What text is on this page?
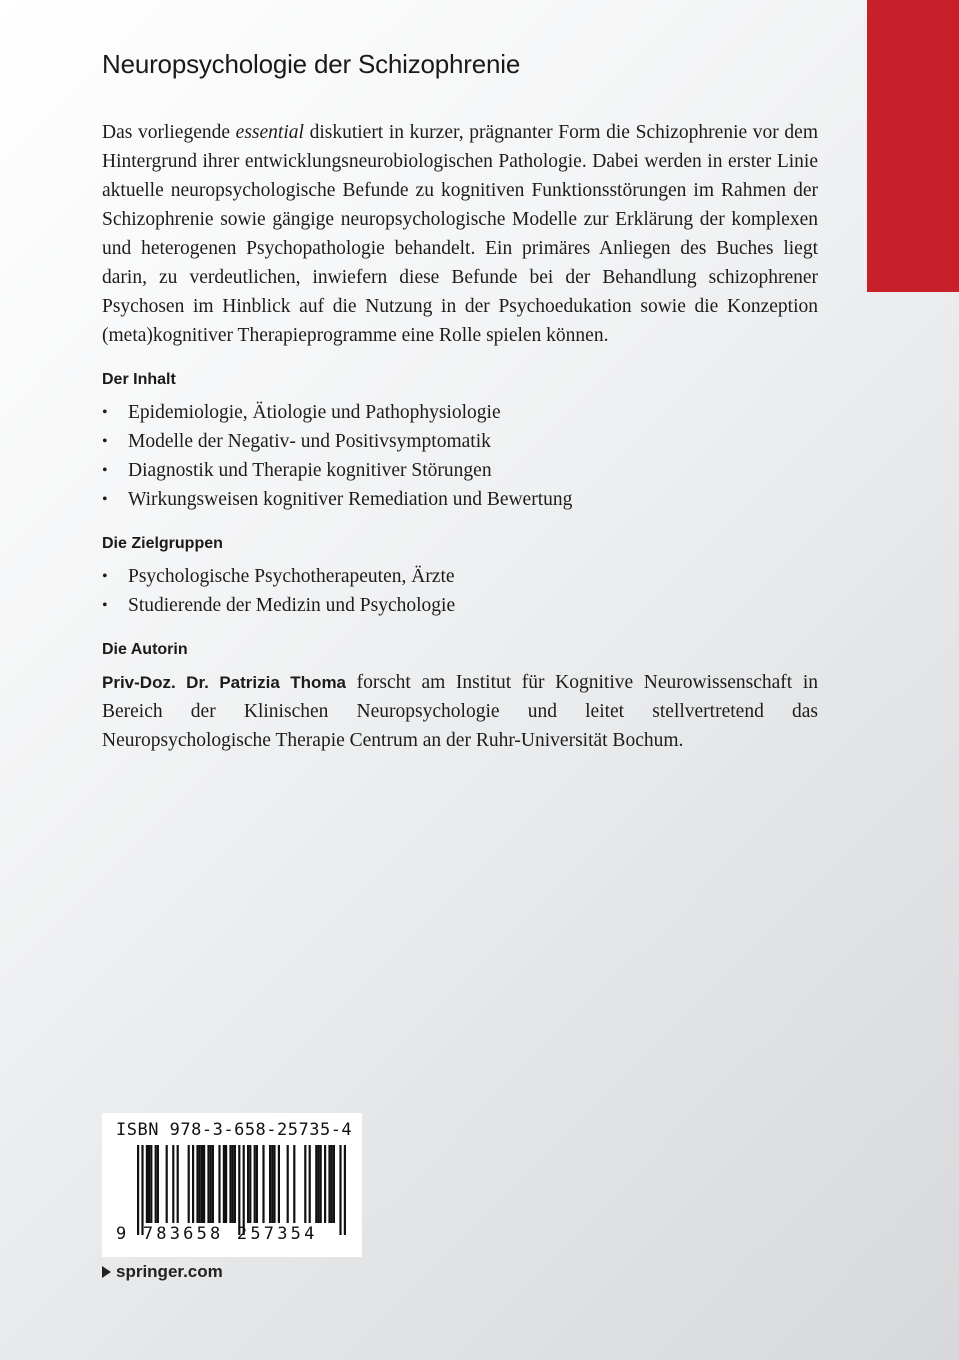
Neuropsychologie der Schizophrenie

Das vorliegende essential diskutiert in kurzer, prägnanter Form die Schizophrenie vor dem Hintergrund ihrer entwicklungsneurobiologischen Pathologie. Dabei werden in erster Linie aktuelle neuropsychologische Befunde zu kognitiven Funktionsstörungen im Rahmen der Schizophrenie sowie gängige neuropsychologische Modelle zur Erklärung der komplexen und heterogenen Psychopathologie behandelt. Ein primäres Anliegen des Buches liegt darin, zu verdeutlichen, inwiefern diese Befunde bei der Behandlung schizophrener Psychosen im Hinblick auf die Nutzung in der Psychoedukation sowie die Konzeption (meta)kognitiver Therapieprogramme eine Rolle spielen können.

Der Inhalt
• Epidemiologie, Ätiologie und Pathophysiologie
• Modelle der Negativ- und Positivsymptomatik
• Diagnostik und Therapie kognitiver Störungen
• Wirkungsweisen kognitiver Remediation und Bewertung
Die Zielgruppen
• Psychologische Psychotherapeuten, Ärzte
• Studierende der Medizin und Psychologie
Die Autorin

Priv-Doz. Dr. Patrizia Thoma forscht am Institut für Kognitive Neurowissenschaft in Bereich der Klinischen Neuropsychologie und leitet stellvertretend das Neuropsychologische Therapie Centrum an der Ruhr-Universität Bochum.

ISBN 978-3-658-25735-4
9 783658 257354
springer.com
